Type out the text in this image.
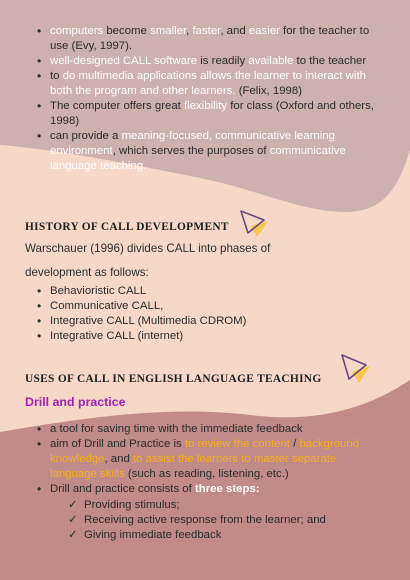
• computers become smaller, faster, and easier for the teacher to use (Evy, 1997).
• well-designed CALL software is readily available to the teacher
• to do multimedia applications allows the learner to interact with both the program and other learners. (Felix, 1998)
• The computer offers great flexibility for class (Oxford and others, 1998)
• can provide a meaning-focused, communicative learning environment, which serves the purposes of communicative language teaching.
HISTORY OF CALL DEVELOPMENT
Warschauer (1996) divides CALL into phases of
development as follows:
• Behavioristic CALL
• Communicative CALL,
• Integrative CALL (Multimedia CDROM)
• Integrative CALL (internet)
USES OF CALL IN ENGLISH LANGUAGE TEACHING
Drill and practice
• a tool for saving time with the immediate feedback
• aim of Drill and Practice is to review the content / background knowledge, and to assist the learners to master separate language skills (such as reading, listening, etc.)
• Drill and practice consists of three steps:
✓ Providing stimulus;
✓ Receiving active response from the learner; and
✓ Giving immediate feedback
